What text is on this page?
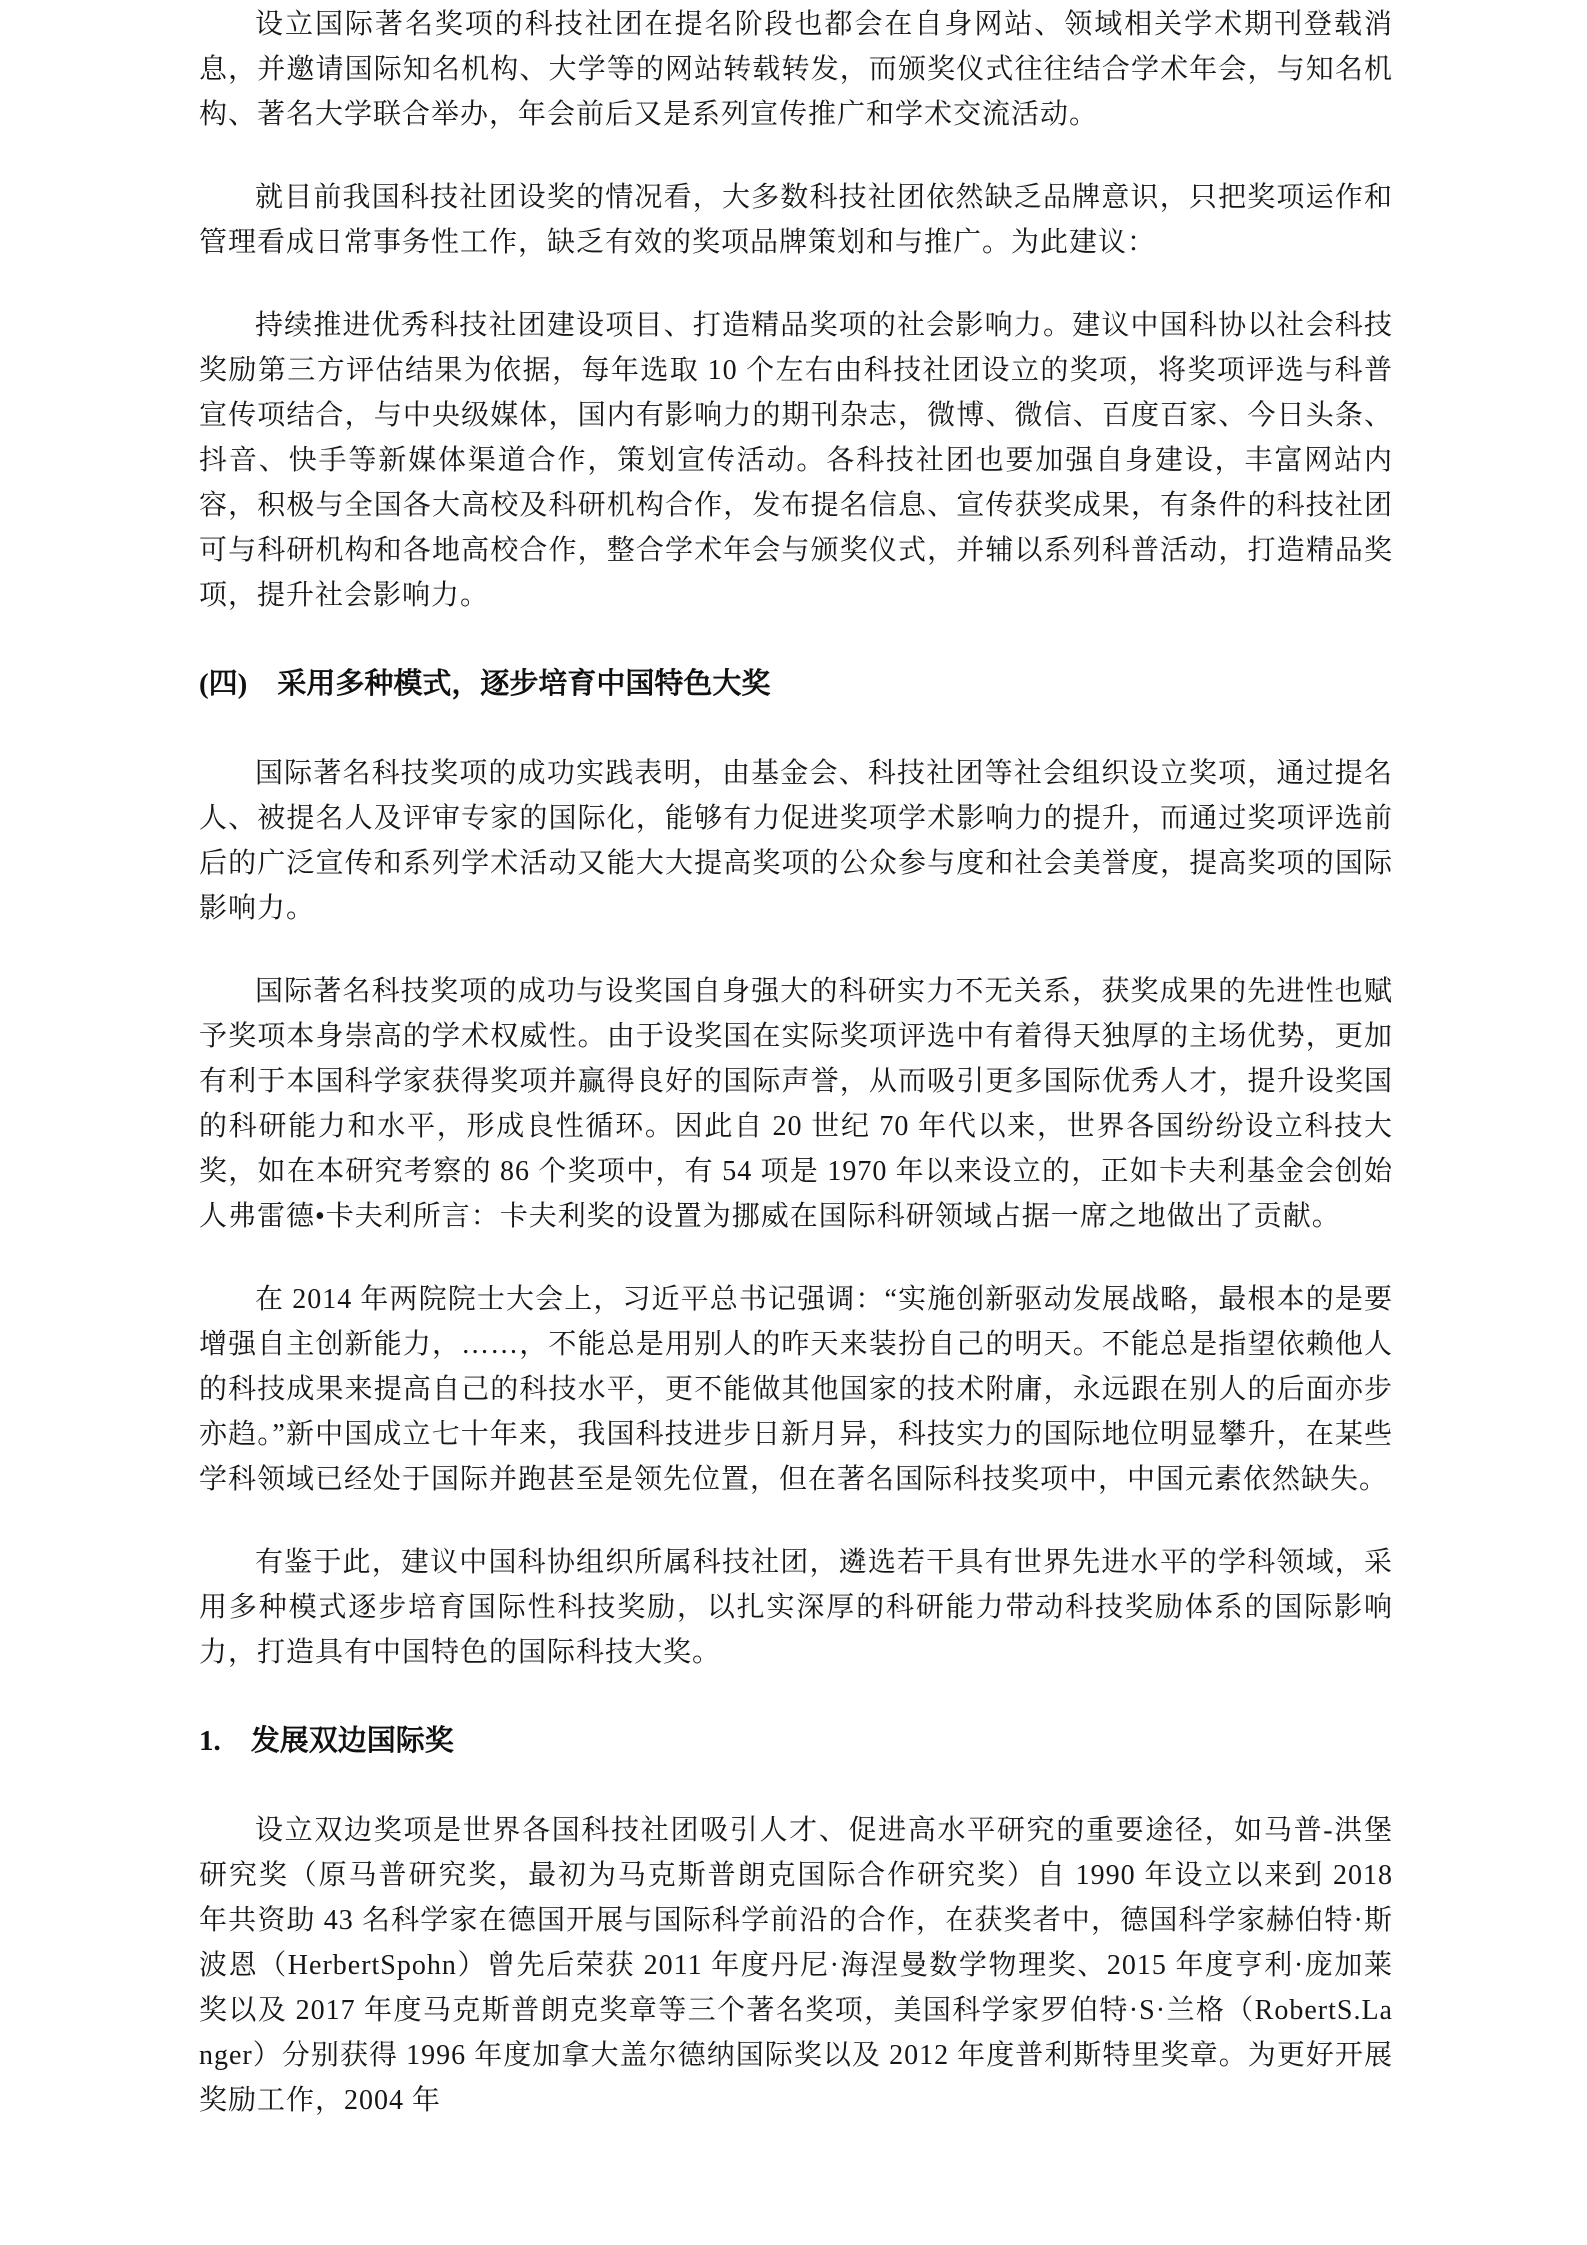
设立国际著名奖项的科技社团在提名阶段也都会在自身网站、领域相关学术期刊登载消息，并邀请国际知名机构、大学等的网站转载转发，而颁奖仪式往往结合学术年会，与知名机构、著名大学联合举办，年会前后又是系列宣传推广和学术交流活动。

就目前我国科技社团设奖的情况看，大多数科技社团依然缺乏品牌意识，只把奖项运作和管理看成日常事务性工作，缺乏有效的奖项品牌策划和与推广。为此建议：

持续推进优秀科技社团建设项目、打造精品奖项的社会影响力。建议中国科协以社会科技奖励第三方评估结果为依据，每年选取 10 个左右由科技社团设立的奖项，将奖项评选与科普宣传项结合，与中央级媒体，国内有影响力的期刊杂志，微博、微信、百度百家、今日头条、抖音、快手等新媒体渠道合作，策划宣传活动。各科技社团也要加强自身建设，丰富网站内容，积极与全国各大高校及科研机构合作，发布提名信息、宣传获奖成果，有条件的科技社团可与科研机构和各地高校合作，整合学术年会与颁奖仪式，并辅以系列科普活动，打造精品奖项，提升社会影响力。

(四) 采用多种模式，逐步培育中国特色大奖

国际著名科技奖项的成功实践表明，由基金会、科技社团等社会组织设立奖项，通过提名人、被提名人及评审专家的国际化，能够有力促进奖项学术影响力的提升，而通过奖项评选前后的广泛宣传和系列学术活动又能大大提高奖项的公众参与度和社会美誉度，提高奖项的国际影响力。

国际著名科技奖项的成功与设奖国自身强大的科研实力不无关系，获奖成果的先进性也赋予奖项本身崇高的学术权威性。由于设奖国在实际奖项评选中有着得天独厚的主场优势，更加有利于本国科学家获得奖项并赢得良好的国际声誉，从而吸引更多国际优秀人才，提升设奖国的科研能力和水平，形成良性循环。因此自 20 世纪 70 年代以来，世界各国纷纷设立科技大奖，如在本研究考察的 86 个奖项中，有 54 项是 1970 年以来设立的，正如卡夫利基金会创始人弗雷德•卡夫利所言：卡夫利奖的设置为挪威在国际科研领域占据一席之地做出了贡献。

在 2014 年两院院士大会上，习近平总书记强调：“实施创新驱动发展战略，最根本的是要增强自主创新能力，……，不能总是用别人的昨天来装扮自己的明天。不能总是指望依赖他人的科技成果来提高自己的科技水平，更不能做其他国家的技术附庸，永远跟在别人的后面亦步亦趋。”新中国成立七十年来，我国科技进步日新月异，科技实力的国际地位明显攀升，在某些学科领域已经处于国际并跑甚至是领先位置，但在著名国际科技奖项中，中国元素依然缺失。

有鉴于此，建议中国科协组织所属科技社团，遴选若干具有世界先进水平的学科领域，采用多种模式逐步培育国际性科技奖励，以扎实深厚的科研能力带动科技奖励体系的国际影响力，打造具有中国特色的国际科技大奖。

1. 发展双边国际奖

设立双边奖项是世界各国科技社团吸引人才、促进高水平研究的重要途径，如马普-洪堡研究奖（原马普研究奖，最初为马克斯普朗克国际合作研究奖）自 1990 年设立以来到 2018 年共资助 43 名科学家在德国开展与国际科学前沿的合作，在获奖者中，德国科学家赫伯特·斯波恩（HerbertSpohn）曾先后荣获 2011 年度丹尼·海涅曼数学物理奖、2015 年度亨利·庞加莱奖以及 2017 年度马克斯普朗克奖章等三个著名奖项，美国科学家罗伯特·S·兰格（RobertS.Langer）分别获得 1996 年度加拿大盖尔德纳国际奖以及 2012 年度普利斯特里奖章。为更好开展奖励工作，2004 年
